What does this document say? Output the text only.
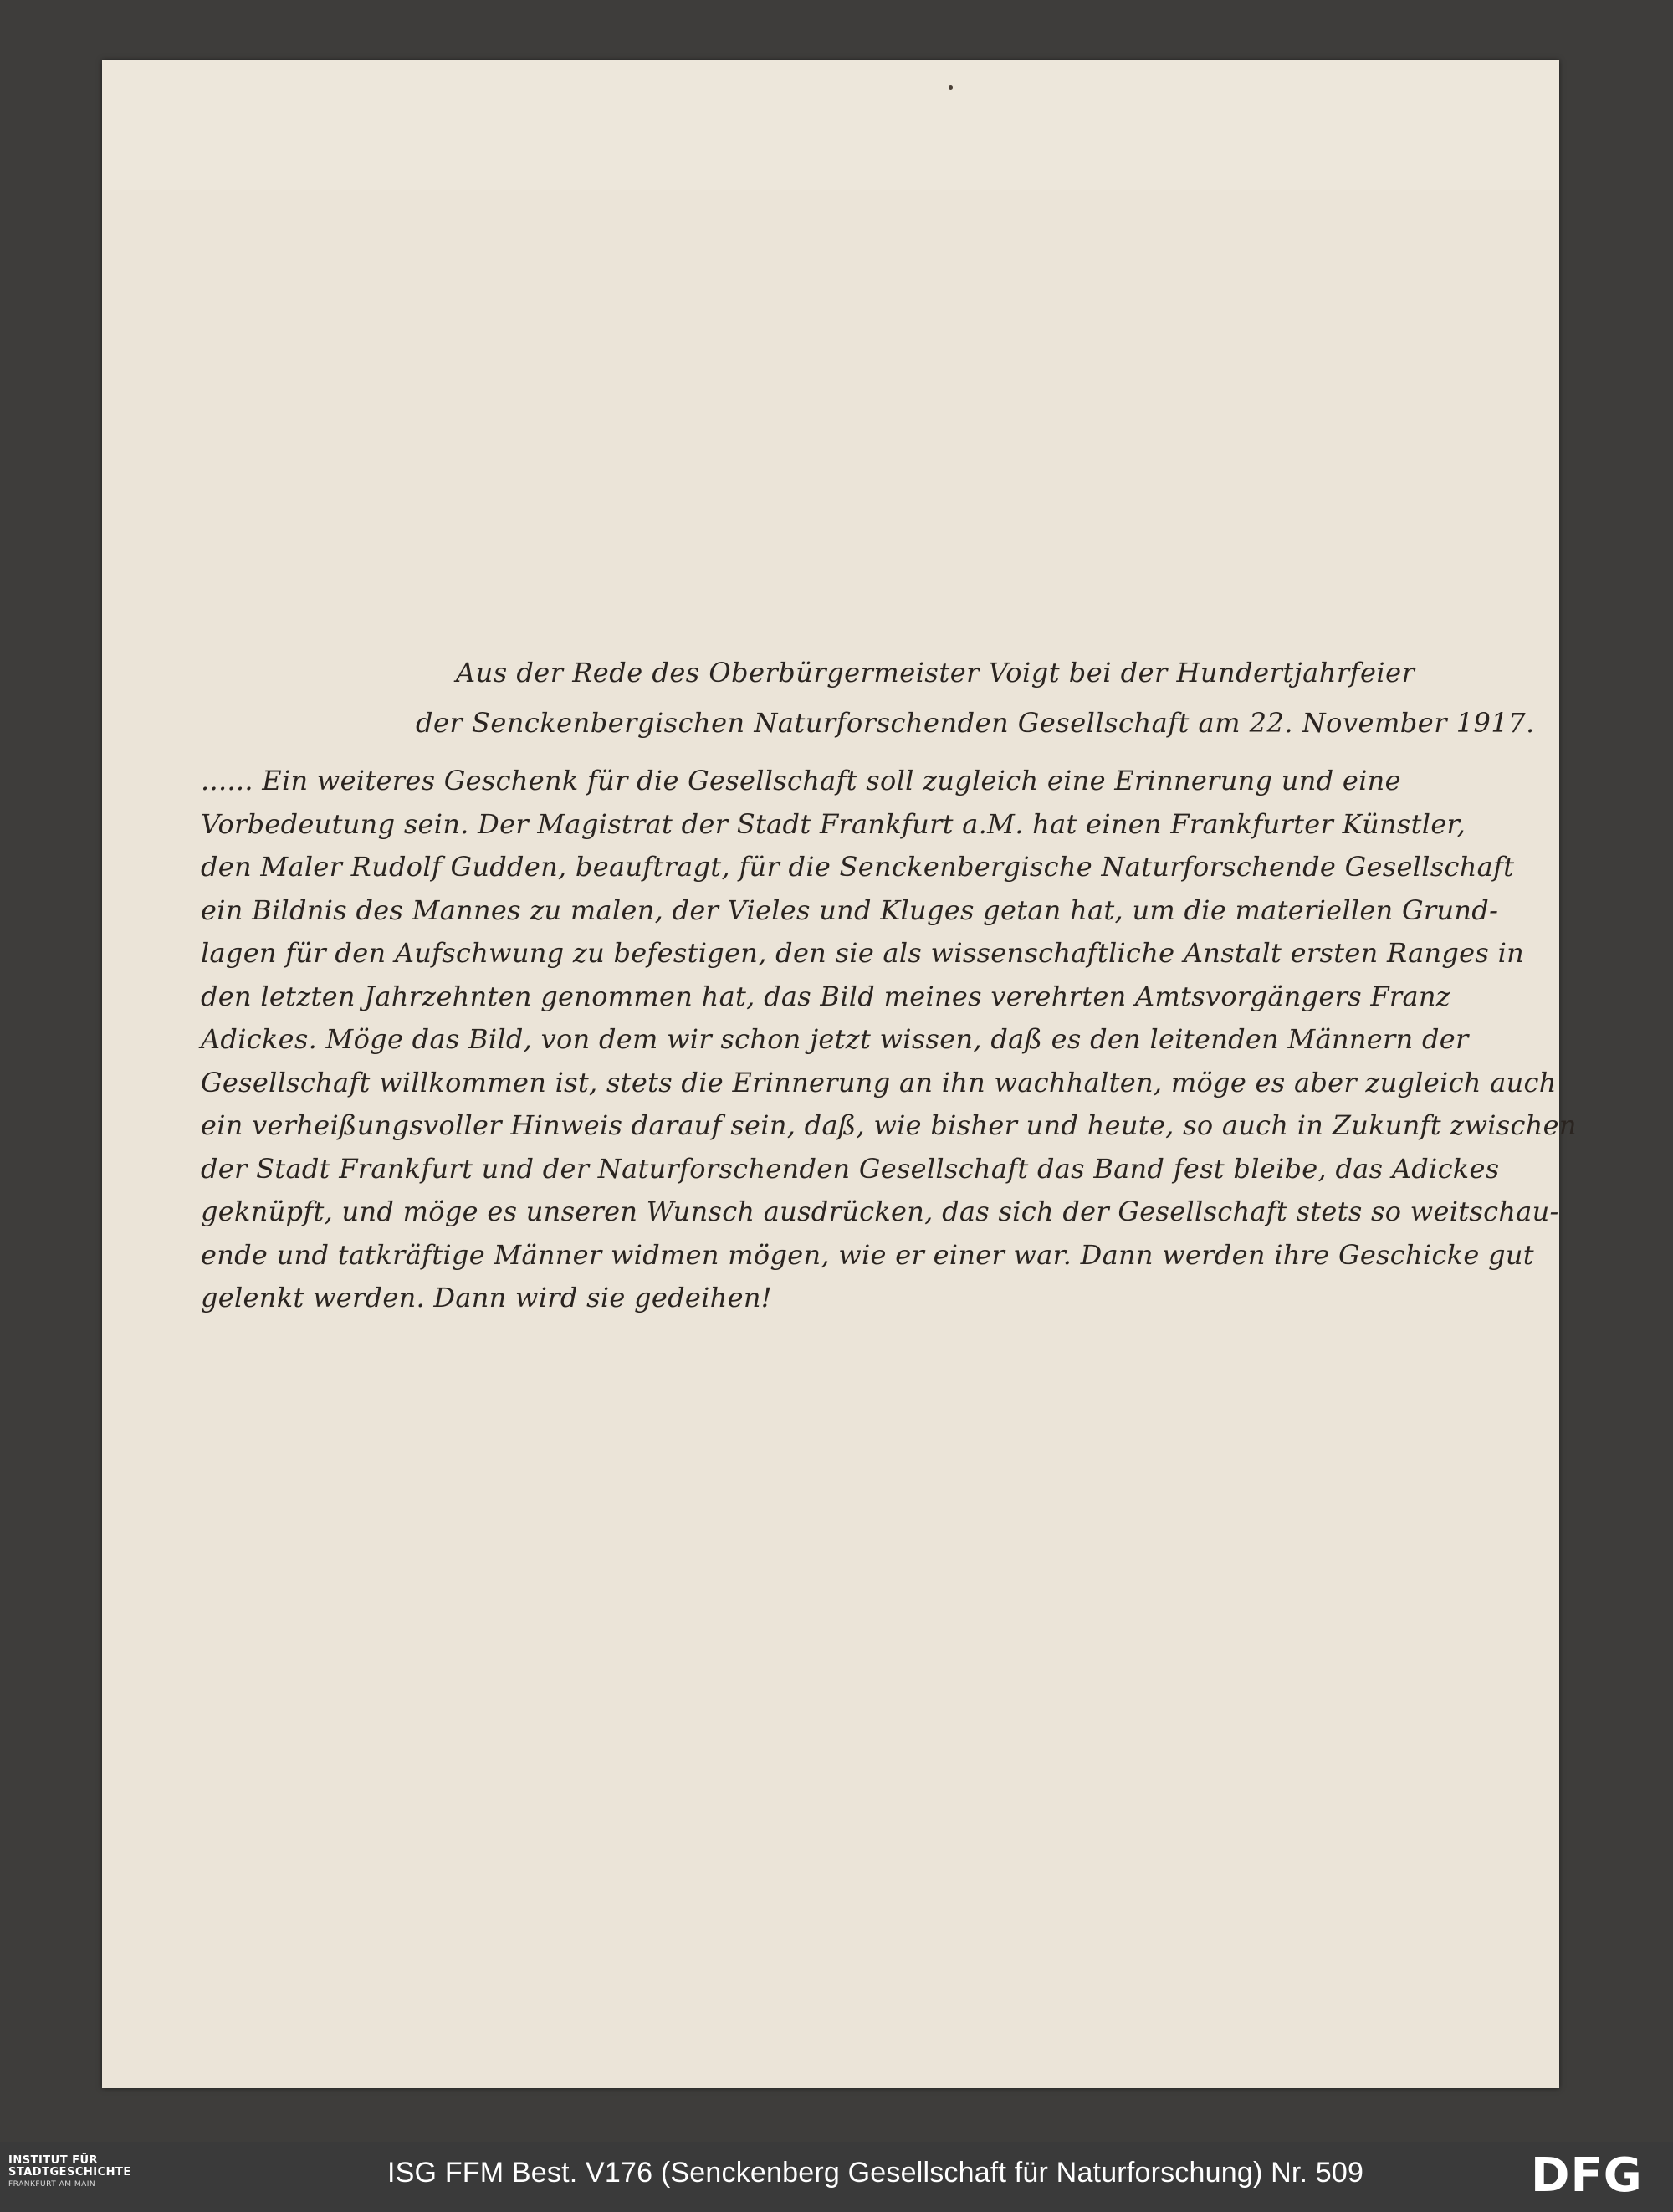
Aus der Rede des Oberbürgermeister Voigt bei der Hundertjahrfeier
der Senckenbergischen Naturforschenden Gesellschaft am 22. November 1917.
...... Ein weiteres Geschenk für die Gesellschaft soll zugleich eine Erinnerung und eine
Vorbedeutung sein. Der Magistrat der Stadt Frankfurt a.M. hat einen Frankfurter Künstler,
den Maler Rudolf Gudden, beauftragt, für die Senckenbergische Naturforschende Gesellschaft
ein Bildnis des Mannes zu malen, der Vieles und Kluges getan hat, um die materiellen Grund-
lagen für den Aufschwung zu befestigen, den sie als wissenschaftliche Anstalt ersten Ranges in
den letzten Jahrzehnten genommen hat, das Bild meines verehrten Amtsvorgängers Franz
Adickes. Möge das Bild, von dem wir schon jetzt wissen, daß es den leitenden Männern der
Gesellschaft willkommen ist, stets die Erinnerung an ihn wachhalten, möge es aber zugleich auch
ein verheißungsvoller Hinweis darauf sein, daß, wie bisher und heute, so auch in Zukunft zwischen
der Stadt Frankfurt und der Naturforschenden Gesellschaft das Band fest bleibe, das Adickes
geknüpft, und möge es unseren Wunsch ausdrücken, das sich der Gesellschaft stets so weitschau-
ende und tatkräftige Männer widmen mögen, wie er einer war. Dann werden ihre Geschicke gut
gelenkt werden. Dann wird sie gedeihen!
INSTITUT FÜR
STADTGESCHICHTE
FRANKFURT AM MAIN	ISG FFM Best. V176 (Senckenberg Gesellschaft für Naturforschung) Nr. 509	DFG
